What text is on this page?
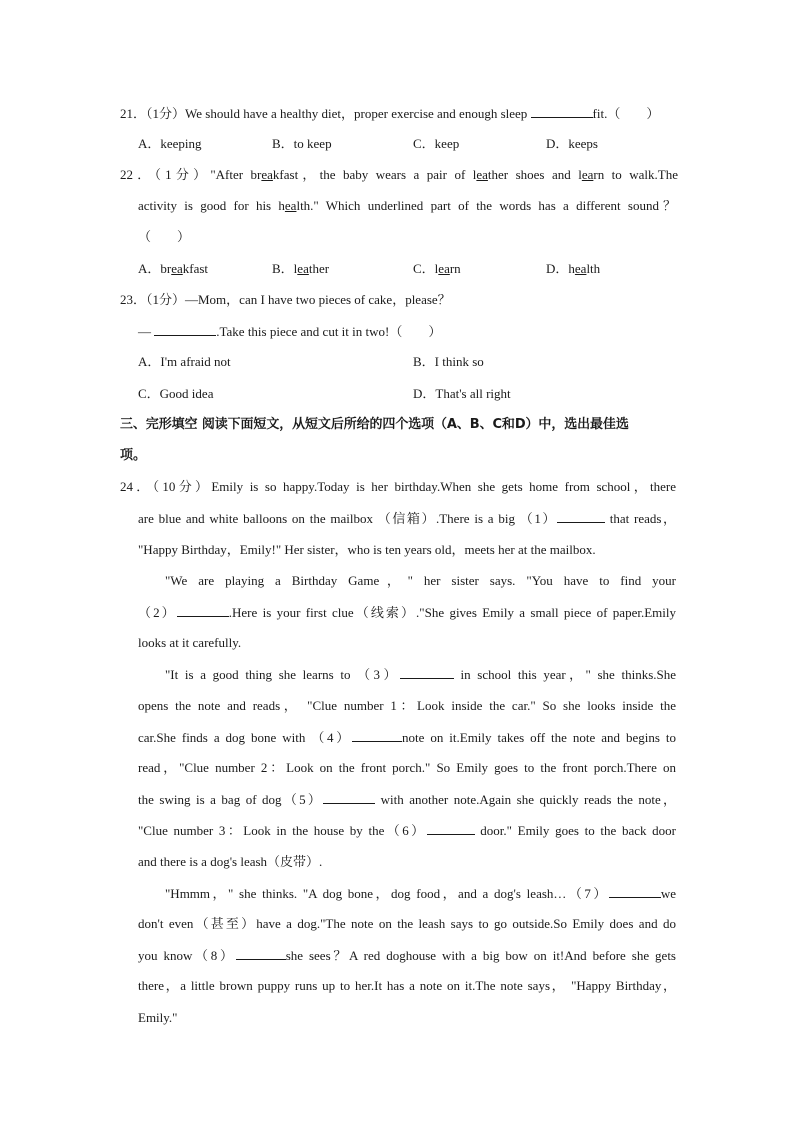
21．（1分）We should have a healthy diet，proper exercise and enough sleep	fit.（　　）
A．keeping	B．to keep	C．keep	D．keeps
22．（1分）"After breakfast，the baby wears a pair of leather shoes and learn to walk.The
activity is good for his health." Which underlined part of the words has a different sound？
（　　）
A．breakfast	B．leather	C．learn	D．health
23．（1分）—Mom，can I have two pieces of cake，please？
—	.Take this piece and cut it in two!（　　）
A．I'm afraid not	B．I think so
C．Good idea	D．That's all right
三、完形填空 阅读下面短文，从短文后所给的四个选项（A、B、C和D）中，选出最佳选
项。
24．（10分）Emily is so happy.Today is her birthday.When she gets home from school，there
are blue and white balloons on the mailbox （信箱）.There is a big （1）	that reads，
"Happy Birthday，Emily!" Her sister，who is ten years old，meets her at the mailbox.
"We are playing a Birthday Game，" her sister says. "You have to find your
（2）	.Here is your first clue（线索）."She gives Emily a small piece of paper.Emily
looks at it carefully.
"It is a good thing she learns to （3）	in school this year，" she thinks.She
opens the note and reads， "Clue number 1：Look inside the car." So she looks inside the
car.She finds a dog bone with （4）	note on it.Emily takes off the note and begins to
read，"Clue number 2：Look on the front porch." So Emily goes to the front porch.There on
the swing is a bag of dog（5）	with another note.Again she quickly reads the note，
"Clue number 3：Look in the house by the（6）	door." Emily goes to the back door
and there is a dog's leash（皮带）.
"Hmmm，" she thinks. "A dog bone，dog food，and a dog's leash…（7）	we
don't even（甚至）have a dog."The note on the leash says to go outside.So Emily does and do
you know（8）	she sees？A red doghouse with a big bow on it!And before she gets
there，a little brown puppy runs up to her.It has a note on it.The note says， "Happy Birthday，
Emily."
